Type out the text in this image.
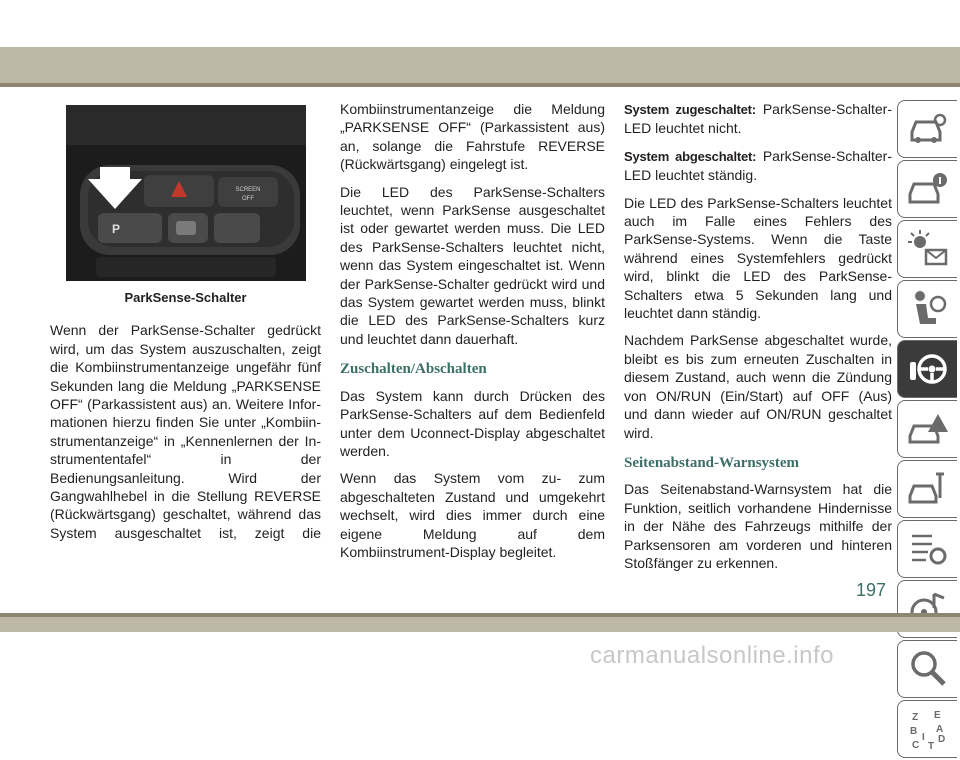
SCREEN
OFF
P
ParkSense-Schalter

Wenn der ParkSense-Schalter gedrückt wird, um das System auszuschalten, zeigt die Kombiinstrumentanzeige ungefähr fünf Sekunden lang die Meldung „PARKSENSE OFF“ (Parkassistent aus) an. Weitere Informationen hierzu finden Sie unter „Kombiinstrumentanzeige“ in „Kennenlernen der Instrumententafel“ in der Bedienungsanleitung. Wird der Gangwahlhebel in die Stellung REVERSE (Rückwärtsgang) geschaltet, während das System ausgeschaltet ist, zeigt die

Kombiinstrumentanzeige die Meldung „PARKSENSE OFF“ (Parkassistent aus) an, solange die Fahrstufe REVERSE (Rückwärtsgang) eingelegt ist.

Die LED des ParkSense-Schalters leuchtet, wenn ParkSense ausgeschaltet ist oder gewartet werden muss. Die LED des ParkSense-Schalters leuchtet nicht, wenn das System eingeschaltet ist. Wenn der ParkSense-Schalter gedrückt wird und das System gewartet werden muss, blinkt die LED des ParkSense-Schalters kurz und leuchtet dann dauerhaft.

Zuschalten/Abschalten

Das System kann durch Drücken des ParkSense-Schalters auf dem Bedienfeld unter dem Uconnect-Display abgeschaltet werden.

Wenn das System vom zu- zum abgeschalteten Zustand und umgekehrt wechselt, wird dies immer durch eine eigene Meldung auf dem Kombiinstrument-Display begleitet.

System zugeschaltet: ParkSense-Schalter-LED leuchtet nicht.

System abgeschaltet: ParkSense-Schalter-LED leuchtet ständig.

Die LED des ParkSense-Schalters leuchtet auch im Falle eines Fehlers des ParkSense-Systems. Wenn die Taste während eines Systemfehlers gedrückt wird, blinkt die LED des ParkSense-Schalters etwa 5 Sekunden lang und leuchtet dann ständig.

Nachdem ParkSense abgeschaltet wurde, bleibt es bis zum erneuten Zuschalten in diesem Zustand, auch wenn die Zündung von ON/RUN (Ein/Start) auf OFF (Aus) und dann wieder auf ON/RUN geschaltet wird.

Seitenabstand-Warnsystem

Das Seitenabstand-Warnsystem hat die Funktion, seitlich vorhandene Hindernisse in der Nähe des Fahrzeugs mithilfe der Parksensoren am vorderen und hinteren Stoßfänger zu erkennen.

Z E
A
B
I D
C T
197
carmanualsonline.info
